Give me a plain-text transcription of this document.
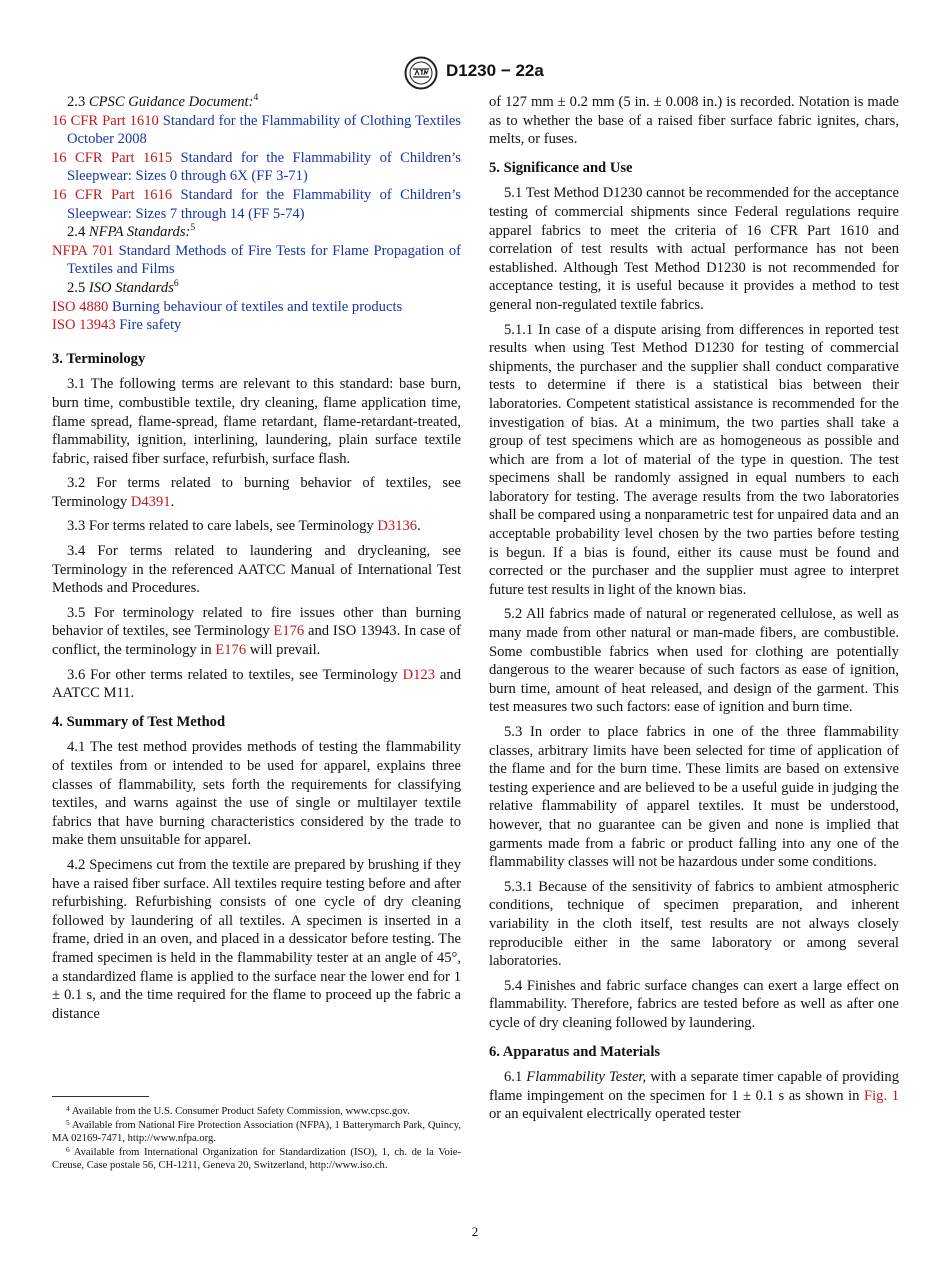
D1230 − 22a

2.3 CPSC Guidance Document:$^4$

16 CFR Part 1610 Standard for the Flammability of Clothing Textiles October 2008

16 CFR Part 1615 Standard for the Flammability of Children’s Sleepwear: Sizes 0 through 6X (FF 3-71)

16 CFR Part 1616 Standard for the Flammability of Children’s Sleepwear: Sizes 7 through 14 (FF 5-74)

2.4 NFPA Standards:$^5$

NFPA 701 Standard Methods of Fire Tests for Flame Propagation of Textiles and Films

2.5 ISO Standards$^6$

ISO 4880 Burning behaviour of textiles and textile products

ISO 13943 Fire safety

3. Terminology

3.1 The following terms are relevant to this standard: base burn, burn time, combustible textile, dry cleaning, flame application time, flame spread, flame-spread, flame retardant, flame-retardant-treated, flammability, ignition, interlining, laundering, plain surface textile fabric, raised fiber surface, refurbish, surface flash.

3.2 For terms related to burning behavior of textiles, see Terminology D4391.

3.3 For terms related to care labels, see Terminology D3136.

3.4 For terms related to laundering and drycleaning, see Terminology in the referenced AATCC Manual of International Test Methods and Procedures.

3.5 For terminology related to fire issues other than burning behavior of textiles, see Terminology E176 and ISO 13943. In case of conflict, the terminology in E176 will prevail.

3.6 For other terms related to textiles, see Terminology D123 and AATCC M11.

4. Summary of Test Method

4.1 The test method provides methods of testing the flammability of textiles from or intended to be used for apparel, explains three classes of flammability, sets forth the requirements for classifying textiles, and warns against the use of single or multilayer textile fabrics that have burning characteristics considered by the trade to make them unsuitable for apparel.

4.2 Specimens cut from the textile are prepared by brushing if they have a raised fiber surface. All textiles require testing before and after refurbishing. Refurbishing consists of one cycle of dry cleaning followed by laundering of all textiles. A specimen is inserted in a frame, dried in an oven, and placed in a dessicator before testing. The framed specimen is held in the flammability tester at an angle of 45°, a standardized flame is applied to the surface near the lower end for 1 ± 0.1 s, and the time required for the flame to proceed up the fabric a distance

of 127 mm ± 0.2 mm (5 in. ± 0.008 in.) is recorded. Notation is made as to whether the base of a raised fiber surface fabric ignites, chars, melts, or fuses.

5. Significance and Use

5.1 Test Method D1230 cannot be recommended for the acceptance testing of commercial shipments since Federal regulations require apparel fabrics to meet the criteria of 16 CFR Part 1610 and correlation of test results with actual performance has not been established. Although Test Method D1230 is not recommended for acceptance testing, it is useful because it provides a method to test general non-regulated textile fabrics.

5.1.1 In case of a dispute arising from differences in reported test results when using Test Method D1230 for testing of commercial shipments, the purchaser and the supplier shall conduct comparative tests to determine if there is a statistical bias between their laboratories. Competent statistical assistance is recommended for the investigation of bias. At a minimum, the two parties shall take a group of test specimens which are as homogeneous as possible and which are from a lot of material of the type in question. The test specimens shall be randomly assigned in equal numbers to each laboratory for testing. The average results from the two laboratories shall be compared using a nonparametric test for unpaired data and an acceptable probability level chosen by the two parties before testing is begun. If a bias is found, either its cause must be found and corrected or the purchaser and the supplier must agree to interpret future test results in light of the known bias.

5.2 All fabrics made of natural or regenerated cellulose, as well as many made from other natural or man-made fibers, are combustible. Some combustible fabrics when used for clothing are potentially dangerous to the wearer because of such factors as ease of ignition, burn time, amount of heat released, and design of the garment. This test measures two such factors: ease of ignition and burn time.

5.3 In order to place fabrics in one of the three flammability classes, arbitrary limits have been selected for time of application of the flame and for the burn time. These limits are based on extensive testing experience and are believed to be a useful guide in judging the relative flammability of apparel textiles. It must be understood, however, that no guarantee can be given and none is implied that garments made from a fabric or product falling into any one of the flammability classes will not be hazardous under some conditions.

5.3.1 Because of the sensitivity of fabrics to ambient atmospheric conditions, technique of specimen preparation, and inherent variability in the cloth itself, test results are not always closely reproducible either in the same laboratory or among several laboratories.

5.4 Finishes and fabric surface changes can exert a large effect on flammability. Therefore, fabrics are tested before as well as after one cycle of dry cleaning followed by laundering.

6. Apparatus and Materials

6.1 Flammability Tester, with a separate timer capable of providing flame impingement on the specimen for 1 ± 0.1 s as shown in Fig. 1 or an equivalent electrically operated tester

$^4$ Available from the U.S. Consumer Product Safety Commission, www.cpsc.gov.

$^5$ Available from National Fire Protection Association (NFPA), 1 Batterymarch Park, Quincy, MA 02169-7471, http://www.nfpa.org.

$^6$ Available from International Organization for Standardization (ISO), 1, ch. de la Voie-Creuse, Case postale 56, CH-1211, Geneva 20, Switzerland, http://www.iso.ch.

2
